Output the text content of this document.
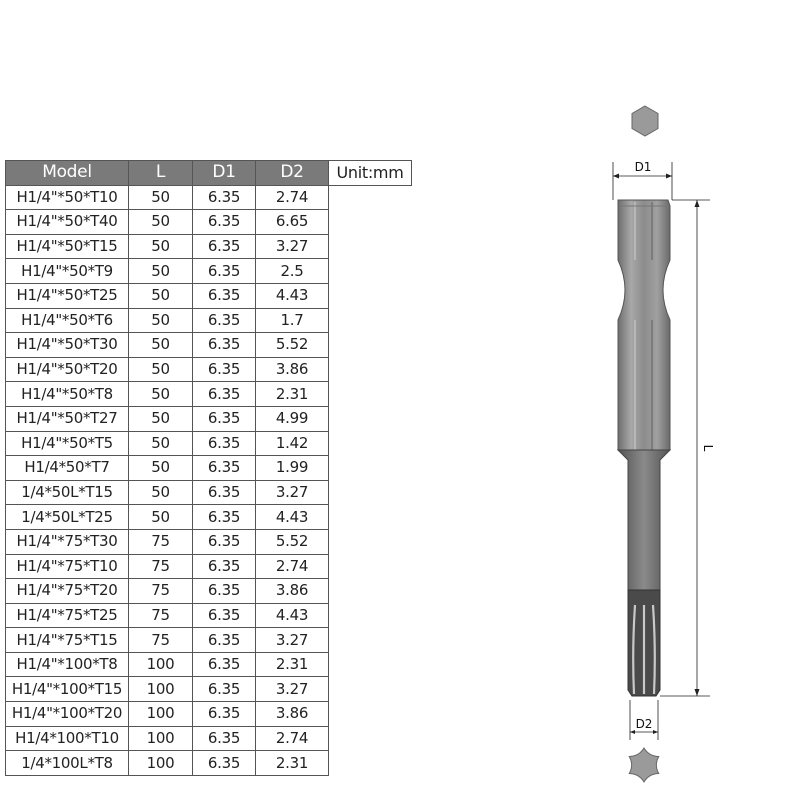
Model	L	D1	D2	Unit:mm
H1/4"*50*T10	50	6.35	2.74	
H1/4"*50*T40	50	6.35	6.65	
H1/4"*50*T15	50	6.35	3.27	
H1/4"*50*T9	50	6.35	2.5	
H1/4"*50*T25	50	6.35	4.43	
H1/4"*50*T6	50	6.35	1.7	
H1/4"*50*T30	50	6.35	5.52	
H1/4"*50*T20	50	6.35	3.86	
H1/4"*50*T8	50	6.35	2.31	
H1/4"*50*T27	50	6.35	4.99	
H1/4"*50*T5	50	6.35	1.42	
H1/4*50*T7	50	6.35	1.99	
1/4*50L*T15	50	6.35	3.27	
1/4*50L*T25	50	6.35	4.43	
H1/4"*75*T30	75	6.35	5.52	
H1/4"*75*T10	75	6.35	2.74	
H1/4"*75*T20	75	6.35	3.86	
H1/4"*75*T25	75	6.35	4.43	
H1/4"*75*T15	75	6.35	3.27	
H1/4"*100*T8	100	6.35	2.31	
H1/4"*100*T15	100	6.35	3.27	
H1/4"*100*T20	100	6.35	3.86	
H1/4*100*T10	100	6.35	2.74	
1/4*100L*T8	100	6.35	2.31	
D1
L
D2
